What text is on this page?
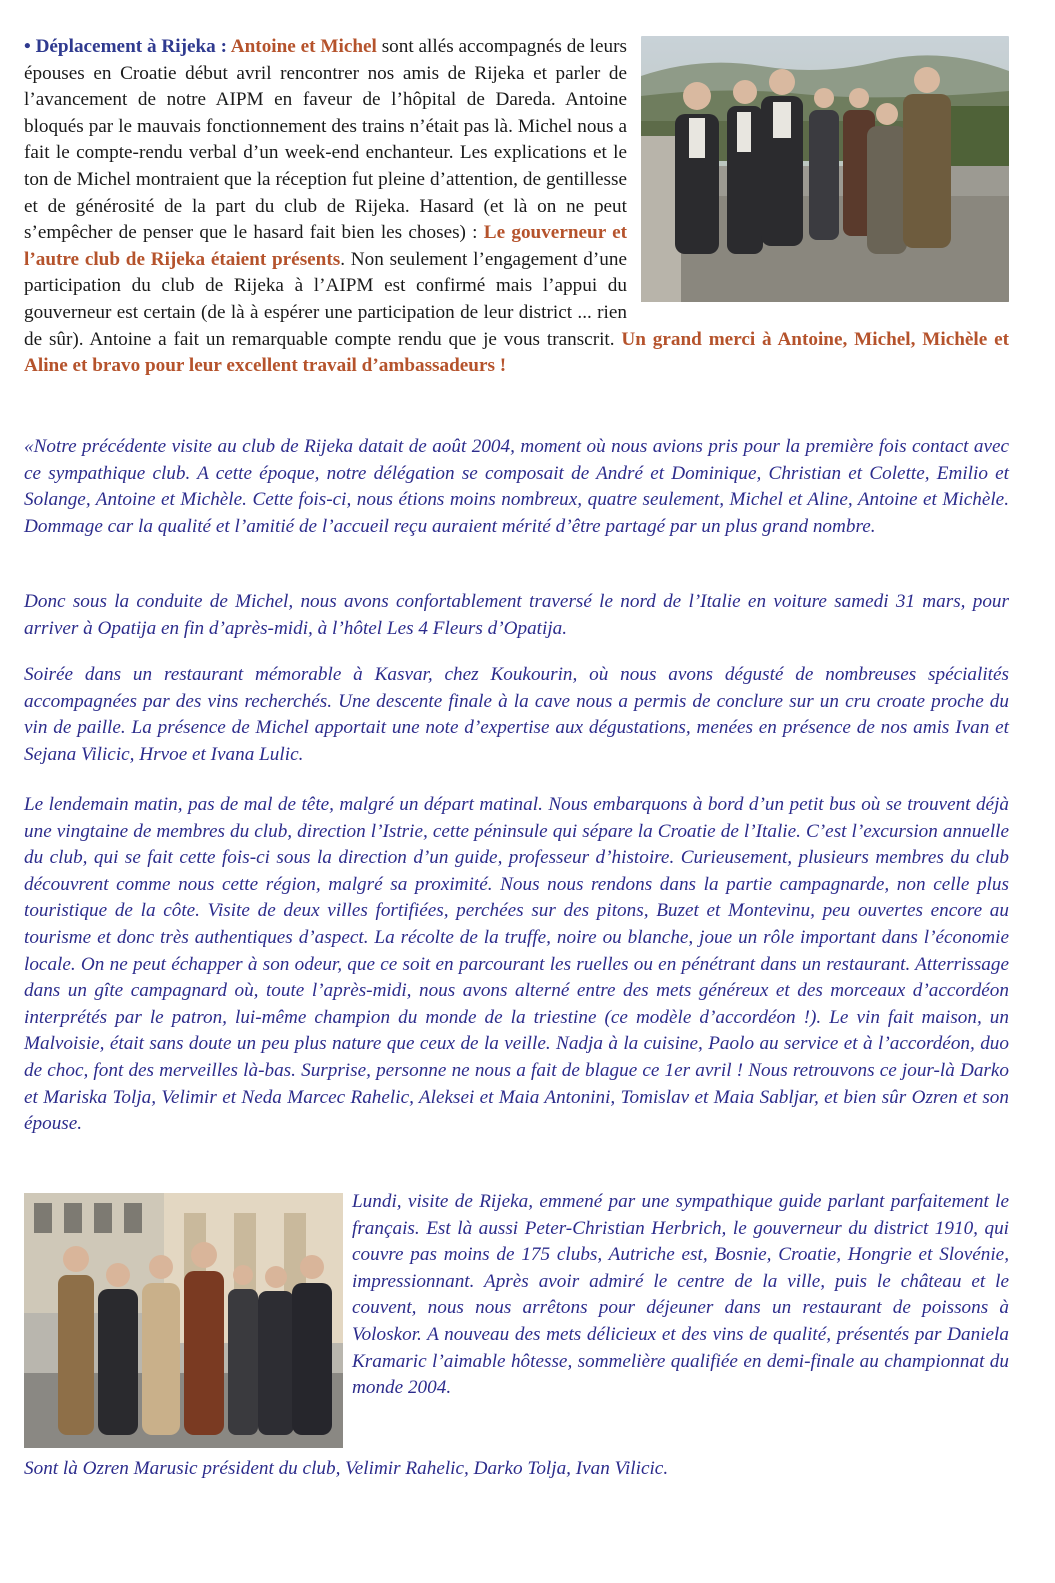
• Déplacement à Rijeka : Antoine et Michel sont allés accompagnés de leurs épouses en Croatie début avril rencontrer nos amis de Rijeka et parler de l’avancement de notre AIPM en faveur de l’hôpital de Dareda. Antoine bloqués par le mauvais fonctionnement des trains n’était pas là. Michel nous a fait le compte-rendu verbal d’un week-end enchanteur. Les explications et le ton de Michel montraient que la réception fut pleine d’attention, de gentillesse et de générosité de la part du club de Rijeka. Hasard (et là on ne peut s’empêcher de penser que le hasard fait bien les choses) : Le gouverneur et l’autre club de Rijeka étaient présents. Non seulement l’engagement d’une participation du club de Rijeka à l’AIPM est confirmé mais l’appui du gouverneur est certain (de là à espérer une participation de leur district ... rien de sûr). Antoine a fait un remarquable compte rendu que je vous transcrit. Un grand merci à Antoine, Michel, Michèle et Aline et bravo pour leur excellent travail d’ambassadeurs !

«Notre précédente visite au club de Rijeka datait de août 2004, moment où nous avions pris pour la première fois contact avec ce sympathique club. A cette époque, notre délégation se composait de André et Dominique, Christian et Colette, Emilio et Solange, Antoine et Michèle. Cette fois-ci, nous étions moins nombreux, quatre seulement, Michel et Aline, Antoine et Michèle. Dommage car la qualité et l’amitié de l’accueil reçu auraient mérité d’être partagé par un plus grand nombre.

Donc sous la conduite de Michel, nous avons confortablement traversé le nord de l’Italie en voiture samedi 31 mars, pour arriver à Opatija en fin d’après-midi, à l’hôtel Les 4 Fleurs d’Opatija.

Soirée dans un restaurant mémorable à Kasvar, chez Koukourin, où nous avons dégusté de nombreuses spécialités accompagnées par des vins recherchés. Une descente finale à la cave nous a permis de conclure sur un cru croate proche du vin de paille. La présence de Michel apportait une note d’expertise aux dégustations, menées en présence de nos amis Ivan et Sejana Vilicic, Hrvoe et Ivana Lulic.

Le lendemain matin, pas de mal de tête, malgré un départ matinal. Nous embarquons à bord d’un petit bus où se trouvent déjà une vingtaine de membres du club, direction l’Istrie, cette péninsule qui sépare la Croatie de l’Italie. C’est l’excursion annuelle du club, qui se fait cette fois-ci sous la direction d’un guide, professeur d’histoire. Curieusement, plusieurs membres du club découvrent comme nous cette région, malgré sa proximité. Nous nous rendons dans la partie campagnarde, non celle plus touristique de la côte. Visite de deux villes fortifiées, perchées sur des pitons, Buzet et Montevinu, peu ouvertes encore au tourisme et donc très authentiques d’aspect. La récolte de la truffe, noire ou blanche, joue un rôle important dans l’économie locale. On ne peut échapper à son odeur, que ce soit en parcourant les ruelles ou en pénétrant dans un restaurant. Atterrissage dans un gîte campagnard où, toute l’après-midi, nous avons alterné entre des mets généreux et des morceaux d’accordéon interprétés par le patron, lui-même champion du monde de la triestine (ce modèle d’accordéon !). Le vin fait maison, un Malvoisie, était sans doute un peu plus nature que ceux de la veille. Nadja à la cuisine, Paolo au service et à l’accordéon, duo de choc, font des merveilles là-bas. Surprise, personne ne nous a fait de blague ce 1er avril ! Nous retrouvons ce jour-là Darko et Mariska Tolja, Velimir et Neda Marcec Rahelic, Aleksei et Maia Antonini, Tomislav et Maia Sabljar, et bien sûr Ozren et son épouse.

Lundi, visite de Rijeka, emmené par une sympathique guide parlant parfaitement le français. Est là aussi Peter-Christian Herbrich, le gouverneur du district 1910, qui couvre pas moins de 175 clubs, Autriche est, Bosnie, Croatie, Hongrie et Slovénie, impressionnant. Après avoir admiré le centre de la ville, puis le château et le couvent, nous nous arrêtons pour déjeuner dans un restaurant de poissons à Voloskor. A nouveau des mets délicieux et des vins de qualité, présentés par Daniela Kramaric l’aimable hôtesse, sommelière qualifiée en demi-finale au championnat du monde 2004.
Sont là Ozren Marusic président du club, Velimir Rahelic, Darko Tolja, Ivan Vilicic.
